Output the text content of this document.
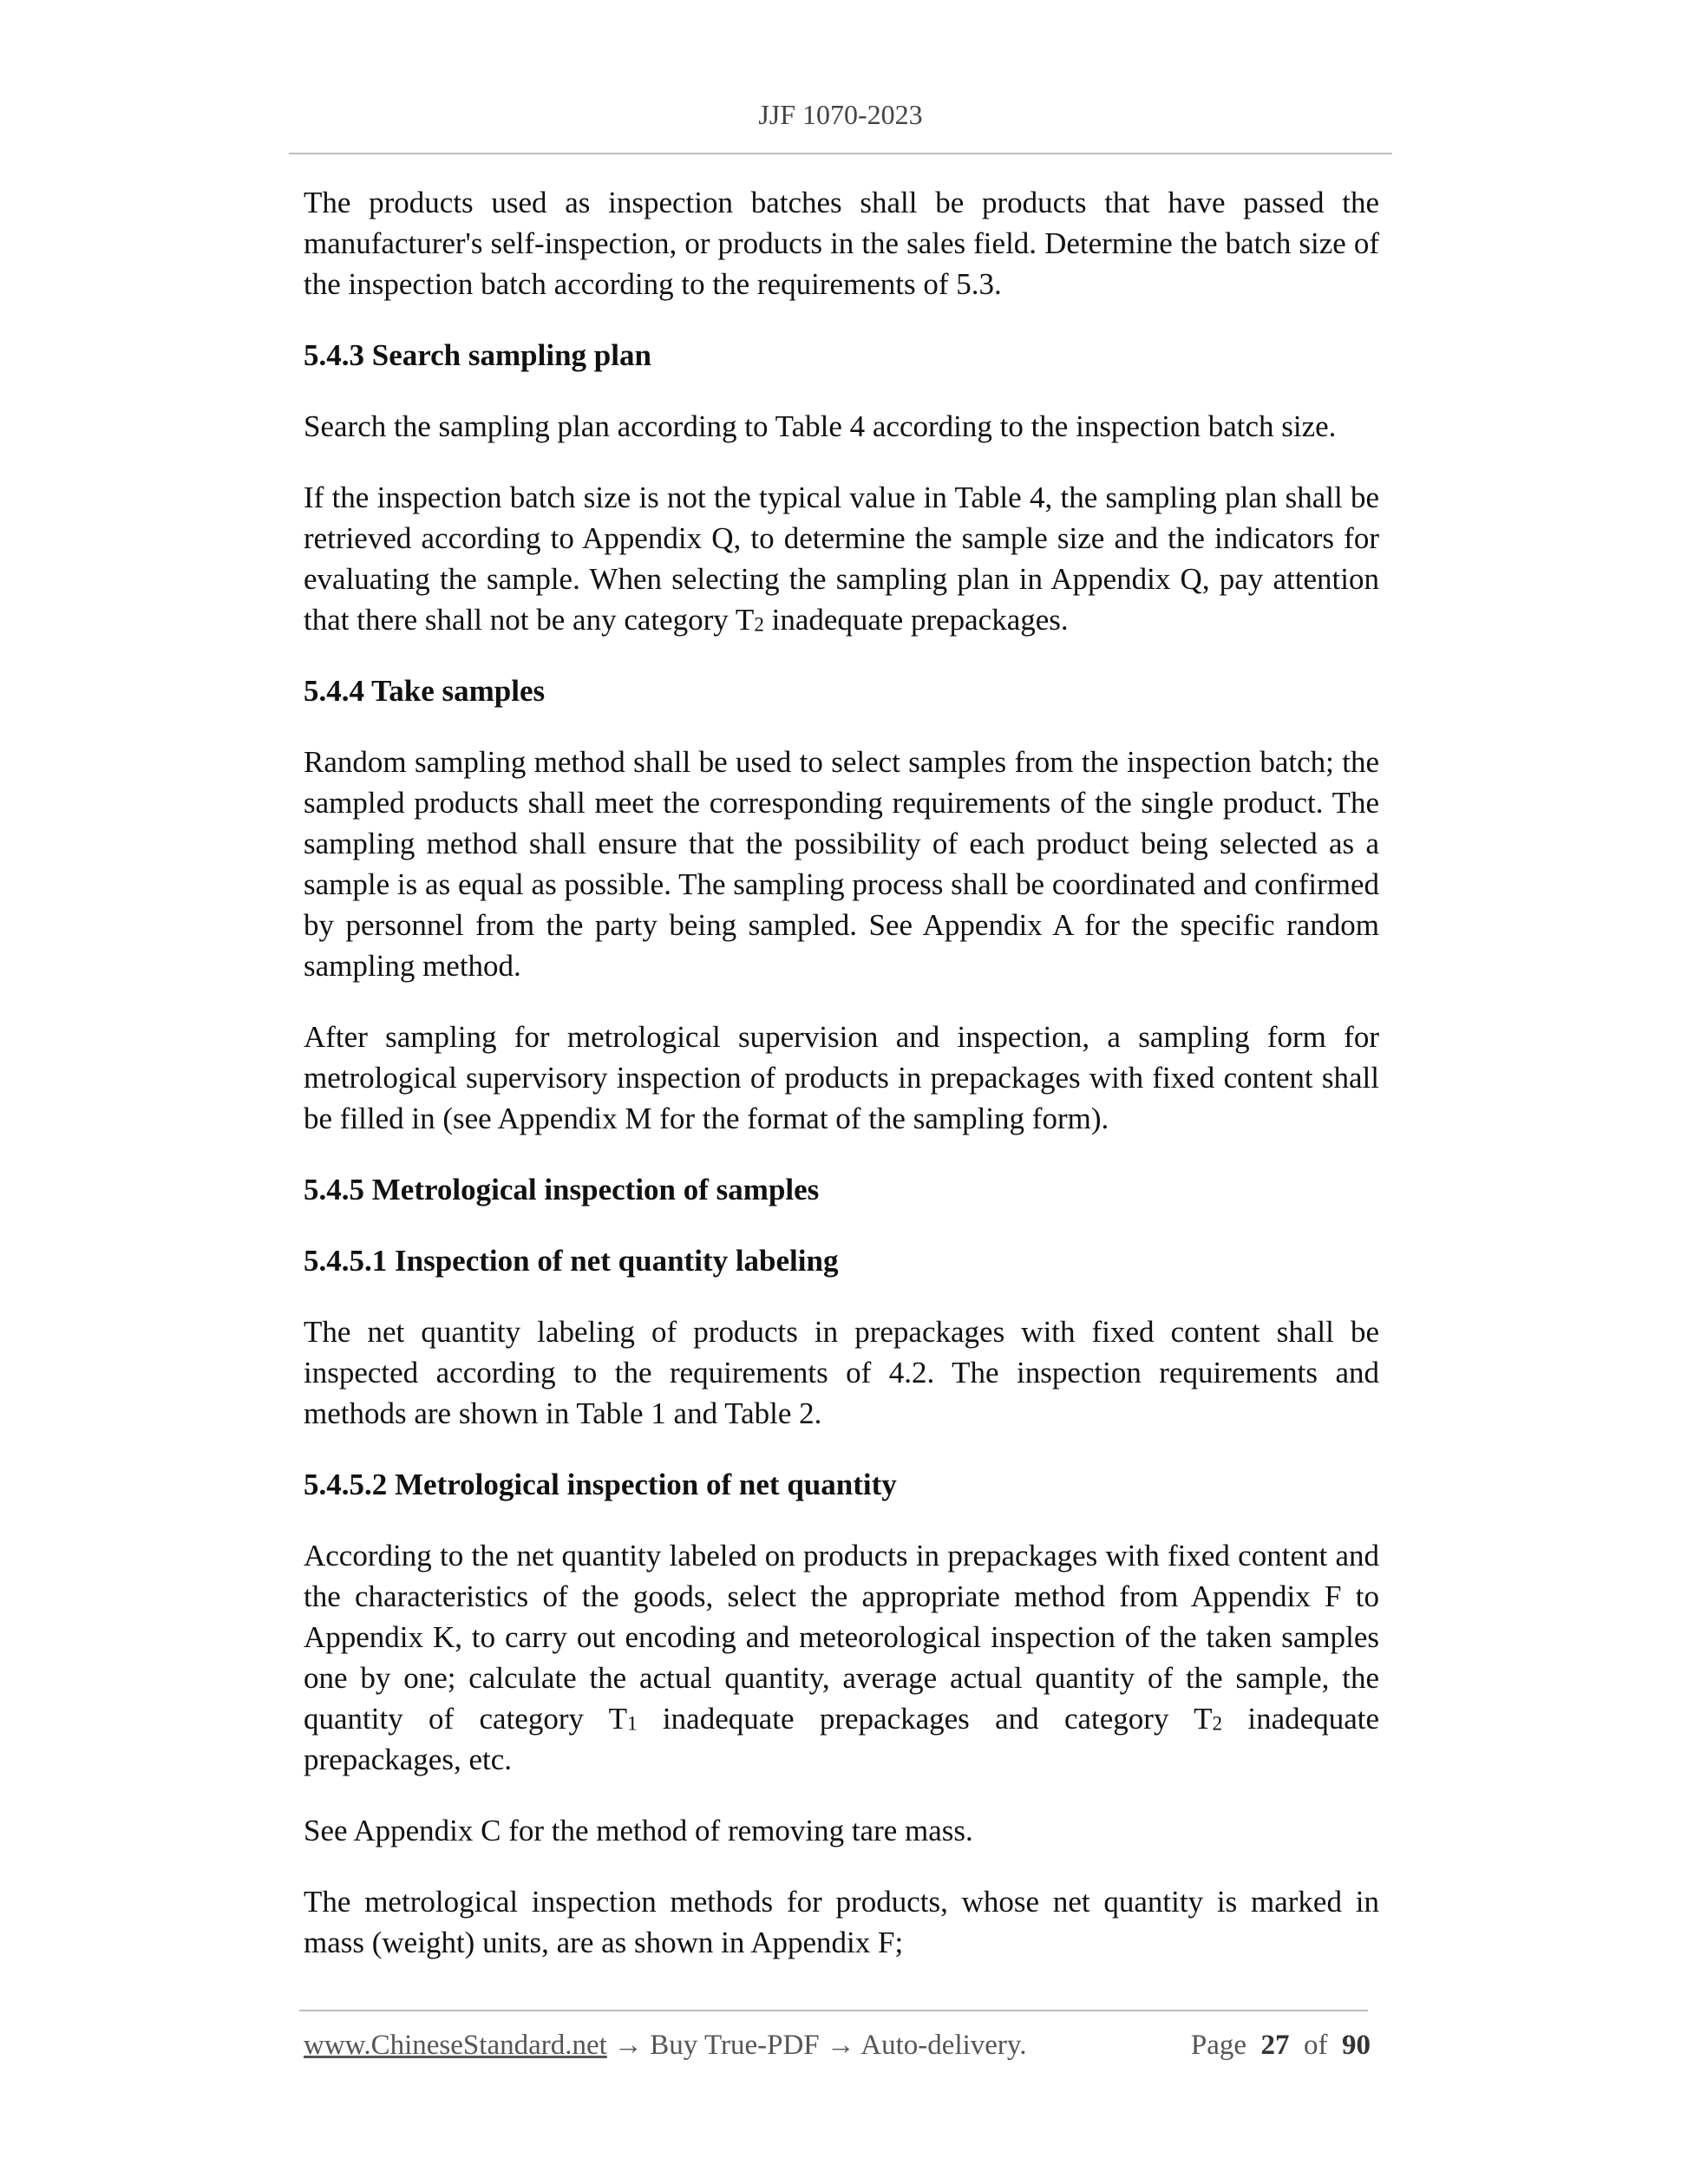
JJF 1070-2023

The products used as inspection batches shall be products that have passed the manufacturer's self-inspection, or products in the sales field. Determine the batch size of the inspection batch according to the requirements of 5.3.

5.4.3 Search sampling plan

Search the sampling plan according to Table 4 according to the inspection batch size.

If the inspection batch size is not the typical value in Table 4, the sampling plan shall be retrieved according to Appendix Q, to determine the sample size and the indicators for evaluating the sample. When selecting the sampling plan in Appendix Q, pay attention that there shall not be any category $T_2$ inadequate prepackages.

5.4.4 Take samples

Random sampling method shall be used to select samples from the inspection batch; the sampled products shall meet the corresponding requirements of the single product. The sampling method shall ensure that the possibility of each product being selected as a sample is as equal as possible. The sampling process shall be coordinated and confirmed by personnel from the party being sampled. See Appendix A for the specific random sampling method.

After sampling for metrological supervision and inspection, a sampling form for metrological supervisory inspection of products in prepackages with fixed content shall be filled in (see Appendix M for the format of the sampling form).

5.4.5 Metrological inspection of samples

5.4.5.1 Inspection of net quantity labeling

The net quantity labeling of products in prepackages with fixed content shall be inspected according to the requirements of 4.2. The inspection requirements and methods are shown in Table 1 and Table 2.

5.4.5.2 Metrological inspection of net quantity

According to the net quantity labeled on products in prepackages with fixed content and the characteristics of the goods, select the appropriate method from Appendix F to Appendix K, to carry out encoding and meteorological inspection of the taken samples one by one; calculate the actual quantity, average actual quantity of the sample, the quantity of category $T_1$ inadequate prepackages and category $T_2$ inadequate prepackages, etc.

See Appendix C for the method of removing tare mass.

The metrological inspection methods for products, whose net quantity is marked in mass (weight) units, are as shown in Appendix F;

www.ChineseStandard.net → Buy True-PDF → Auto-delivery.	Page 27 of 90
